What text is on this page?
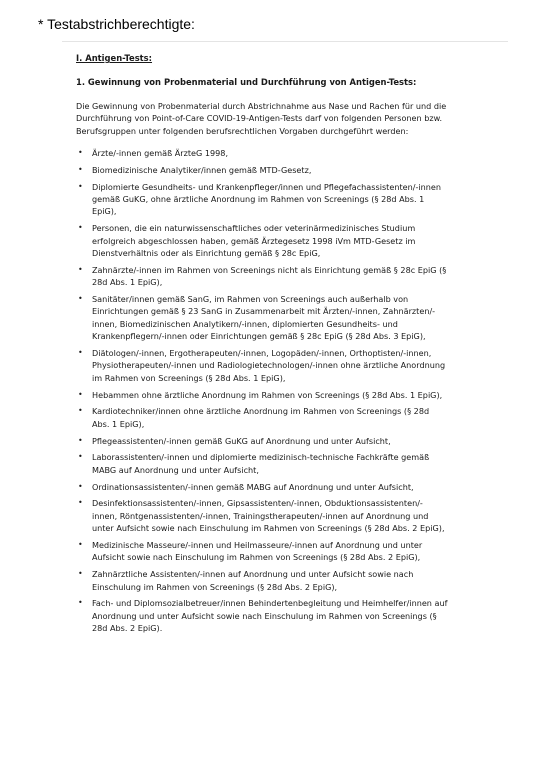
* Testabstrichberechtigte:
I. Antigen-Tests:
1. Gewinnung von Probenmaterial und Durchführung von Antigen-Tests:
Die Gewinnung von Probenmaterial durch Abstrichnahme aus Nase und Rachen für und die Durchführung von Point-of-Care COVID-19-Antigen-Tests darf von folgenden Personen bzw. Berufsgruppen unter folgenden berufsrechtlichen Vorgaben durchgeführt werden:
• Ärzte/-innen gemäß ÄrzteG 1998,
• Biomedizinische Analytiker/innen gemäß MTD-Gesetz,
• Diplomierte Gesundheits- und Krankenpfleger/innen und Pflegefachassistenten/-innen gemäß GuKG, ohne ärztliche Anordnung im Rahmen von Screenings (§ 28d Abs. 1 EpiG),
• Personen, die ein naturwissenschaftliches oder veterinärmedizinisches Studium erfolgreich abgeschlossen haben, gemäß Ärztegesetz 1998 iVm MTD-Gesetz im Dienstverhältnis oder als Einrichtung gemäß § 28c EpiG,
• Zahnärzte/-innen im Rahmen von Screenings nicht als Einrichtung gemäß § 28c EpiG (§ 28d Abs. 1 EpiG),
• Sanitäter/innen gemäß SanG, im Rahmen von Screenings auch außerhalb von Einrichtungen gemäß § 23 SanG in Zusammenarbeit mit Ärzten/-innen, Zahnärzten/-innen, Biomedizinischen Analytikern/-innen, diplomierten Gesundheits- und Krankenpflegern/-innen oder Einrichtungen gemäß § 28c EpiG (§ 28d Abs. 3 EpiG),
• Diätologen/-innen, Ergotherapeuten/-innen, Logopäden/-innen, Orthoptisten/-innen, Physiotherapeuten/-innen und Radiologietechnologen/-innen ohne ärztliche Anordnung im Rahmen von Screenings (§ 28d Abs. 1 EpiG),
• Hebammen ohne ärztliche Anordnung im Rahmen von Screenings (§ 28d Abs. 1 EpiG),
• Kardiotechniker/innen ohne ärztliche Anordnung im Rahmen von Screenings (§ 28d Abs. 1 EpiG),
• Pflegeassistenten/-innen gemäß GuKG auf Anordnung und unter Aufsicht,
• Laborassistenten/-innen und diplomierte medizinisch-technische Fachkräfte gemäß MABG auf Anordnung und unter Aufsicht,
• Ordinationsassistenten/-innen gemäß MABG auf Anordnung und unter Aufsicht,
• Desinfektionsassistenten/-innen, Gipsassistenten/-innen, Obduktionsassistenten/-innen, Röntgenassistenten/-innen, Trainingstherapeuten/-innen auf Anordnung und unter Aufsicht sowie nach Einschulung im Rahmen von Screenings (§ 28d Abs. 2 EpiG),
• Medizinische Masseure/-innen und Heilmasseure/-innen auf Anordnung und unter Aufsicht sowie nach Einschulung im Rahmen von Screenings (§ 28d Abs. 2 EpiG),
• Zahnärztliche Assistenten/-innen auf Anordnung und unter Aufsicht sowie nach Einschulung im Rahmen von Screenings (§ 28d Abs. 2 EpiG),
• Fach- und Diplomsozialbetreuer/innen Behindertenbegleitung und Heimhelfer/innen auf Anordnung und unter Aufsicht sowie nach Einschulung im Rahmen von Screenings (§ 28d Abs. 2 EpiG).
